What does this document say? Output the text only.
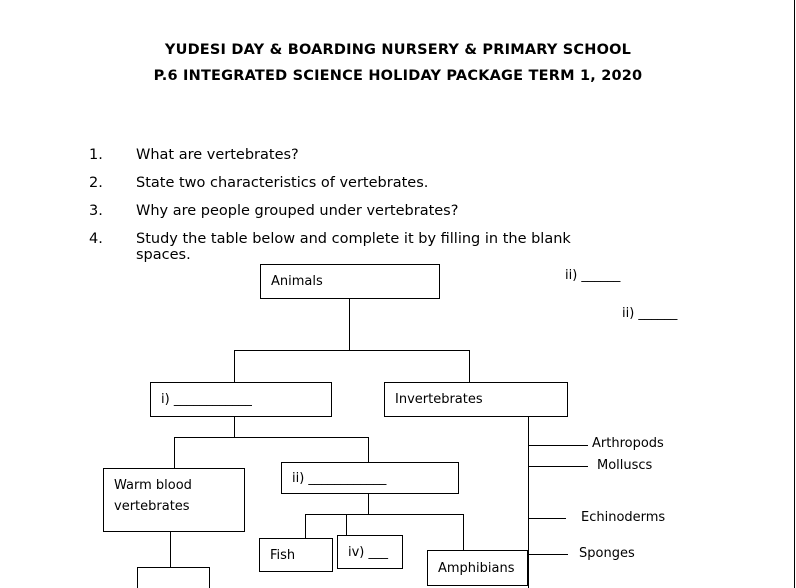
YUDESI DAY & BOARDING NURSERY & PRIMARY SCHOOL
P.6 INTEGRATED SCIENCE HOLIDAY PACKAGE TERM 1, 2020
1.	What are vertebrates?
2.	State two characteristics of vertebrates.
3.	Why are people grouped under vertebrates?
4.	Study the table below and complete it by filling in the blank
spaces.
Animals
i) ____________	Invertebrates
Warm blood vertebrates
ii) ____________
Fish	iv) ___
Amphibians
Arthropods
Molluscs
Echinoderms
Sponges
ii) ______
ii) ______
